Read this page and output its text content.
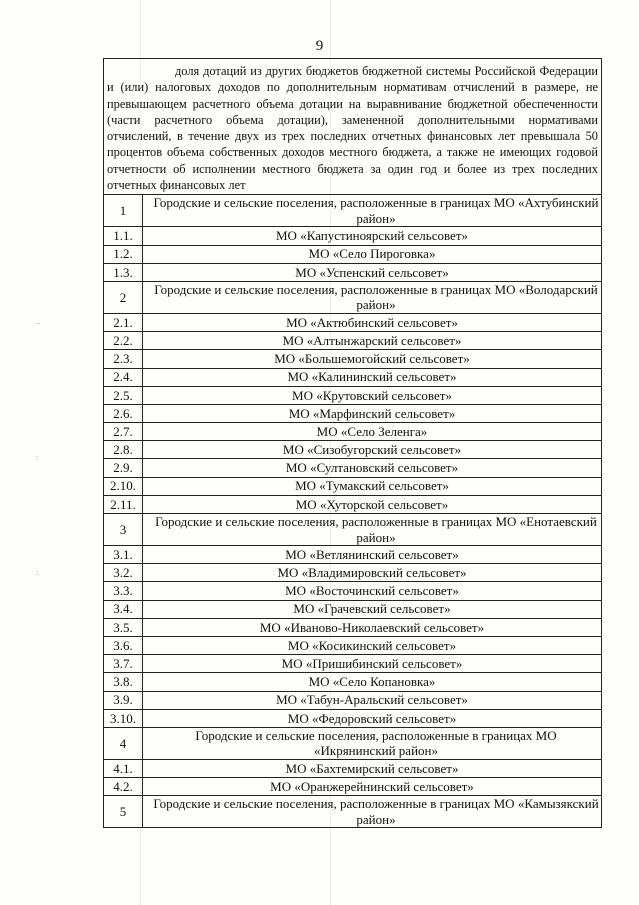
9
доля дотаций из других бюджетов бюджетной системы Российской Федерации и (или) налоговых доходов по дополнительным нормативам отчислений в размере, не превышающем расчетного объема дотации на выравнивание бюджетной обеспеченности (части расчетного объема дотации), замененной дополнительными нормативами отчислений, в течение двух из трех последних отчетных финансовых лет превышала 50 процентов объема собственных доходов местного бюджета, а также не имеющих годовой отчетности об исполнении местного бюджета за один год и более из трех последних отчетных финансовых лет
1	Городские и сельские поселения, расположенные в границах МО «Ахтубинский район»
1.1.	МО «Капустиноярский сельсовет»
1.2.	МО «Село Пироговка»
1.3.	МО «Успенский сельсовет»
2	Городские и сельские поселения, расположенные в границах МО «Володарский район»
2.1.	МО «Актюбинский сельсовет»
2.2.	МО «Алтынжарский сельсовет»
2.3.	МО «Большемогойский сельсовет»
2.4.	МО «Калининский сельсовет»
2.5.	МО «Крутовский сельсовет»
2.6.	МО «Марфинский сельсовет»
2.7.	МО «Село Зеленга»
2.8.	МО «Сизобугорский сельсовет»
2.9.	МО «Султановский сельсовет»
2.10.	МО «Тумакский сельсовет»
2.11.	МО «Хуторской сельсовет»
3	Городские и сельские поселения, расположенные в границах МО «Енотаевский район»
3.1.	МО «Ветлянинский сельсовет»
3.2.	МО «Владимировский сельсовет»
3.3.	МО «Восточинский сельсовет»
3.4.	МО «Грачевский сельсовет»
3.5.	МО «Иваново-Николаевский сельсовет»
3.6.	МО «Косикинский сельсовет»
3.7.	МО «Пришибинский сельсовет»
3.8.	МО «Село Копановка»
3.9.	МО «Табун-Аральский сельсовет»
3.10.	МО «Федоровский сельсовет»
4	Городские и сельские поселения, расположенные в границах МО «Икрянинский район»
4.1.	МО «Бахтемирский сельсовет»
4.2.	МО «Оранжерейнинский сельсовет»
5	Городские и сельские поселения, расположенные в границах МО «Камызякский район»
‒
:
:
